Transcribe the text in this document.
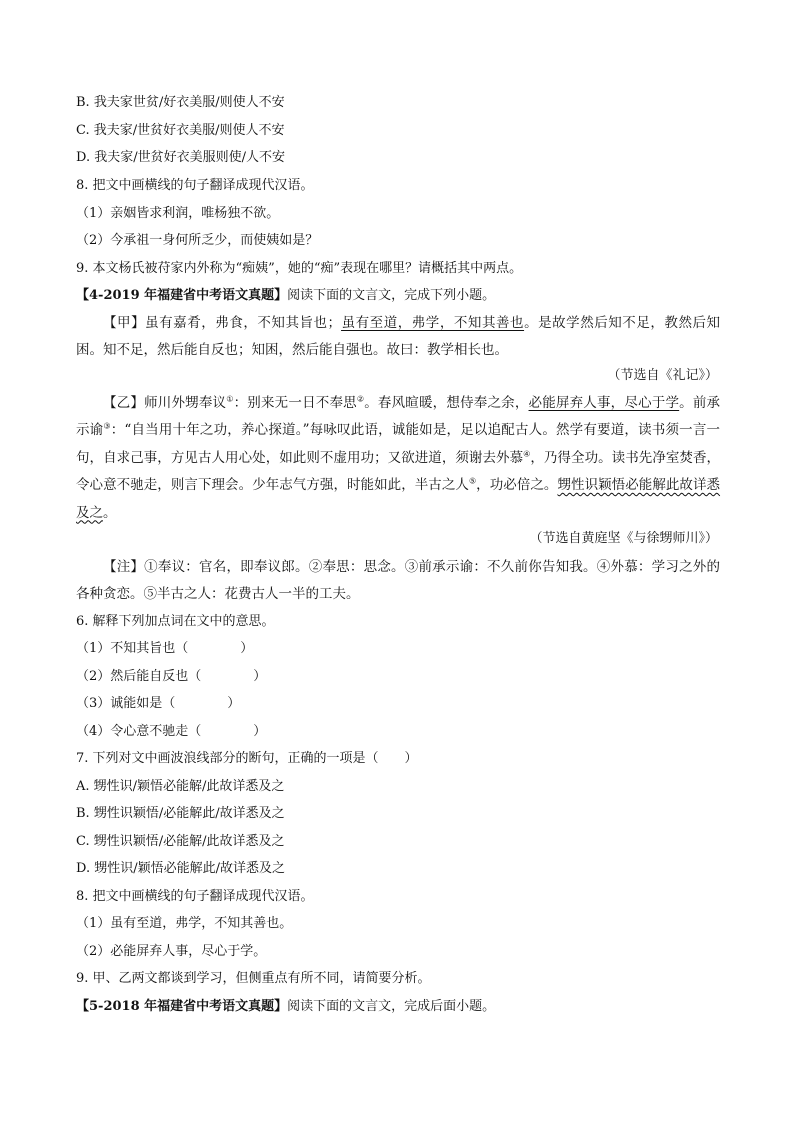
B. 我夫家世贫/好衣美服/则使人不安
C. 我夫家/世贫好衣美服/则使人不安
D. 我夫家/世贫好衣美服则使/人不安
8. 把文中画横线的句子翻译成现代汉语。
（1）亲姻皆求利润，唯杨独不欲。
（2）今承祖一身何所乏少，而使姨如是？
9. 本文杨氏被苻家内外称为“痴姨”，她的“痴”表现在哪里？请概括其中两点。
【4-2019 年福建省中考语文真题】阅读下面的文言文，完成下列小题。
【甲】虽有嘉肴，弗食，不知其旨也；虽有至道，弗学，不知其善也。是故学然后知不足，教然后知困。知不足，然后能自反也；知困，然后能自强也。故曰：教学相长也。
（节选自《礼记》）
【乙】师川外甥奉议①：别来无一日不奉思②。春风暄暖，想侍奉之余，必能屏弃人事，尽心于学。前承示谕③：“自当用十年之功，养心探道。”每咏叹此语，诚能如是，足以追配古人。然学有要道，读书须一言一句，自求己事，方见古人用心处，如此则不虚用功；又欲进道，须谢去外慕④，乃得全功。读书先净室焚香，令心意不驰走，则言下理会。少年志气方强，时能如此，半古之人⑤，功必倍之。甥性识颖悟必能解此故详悉及之。
（节选自黄庭坚《与徐甥师川》）
【注】①奉议：官名，即奉议郎。②奉思：思念。③前承示谕：不久前你告知我。④外慕：学习之外的各种贪恋。⑤半古之人：花费古人一半的工夫。
6. 解释下列加点词在文中的意思。
（1）不知其旨也（	）
（2）然后能自反也（	）
（3）诚能如是（	）
（4）令心意不驰走（	）
7. 下列对文中画波浪线部分的断句，正确的一项是（　　）
A. 甥性识/颖悟必能解/此故详悉及之
B. 甥性识颖悟/必能解此/故详悉及之
C. 甥性识颖悟/必能解/此故详悉及之
D. 甥性识/颖悟必能解此/故详悉及之
8. 把文中画横线的句子翻译成现代汉语。
（1）虽有至道，弗学，不知其善也。
（2）必能屏弃人事，尽心于学。
9. 甲、乙两文都谈到学习，但侧重点有所不同，请简要分析。
【5-2018 年福建省中考语文真题】阅读下面的文言文，完成后面小题。
